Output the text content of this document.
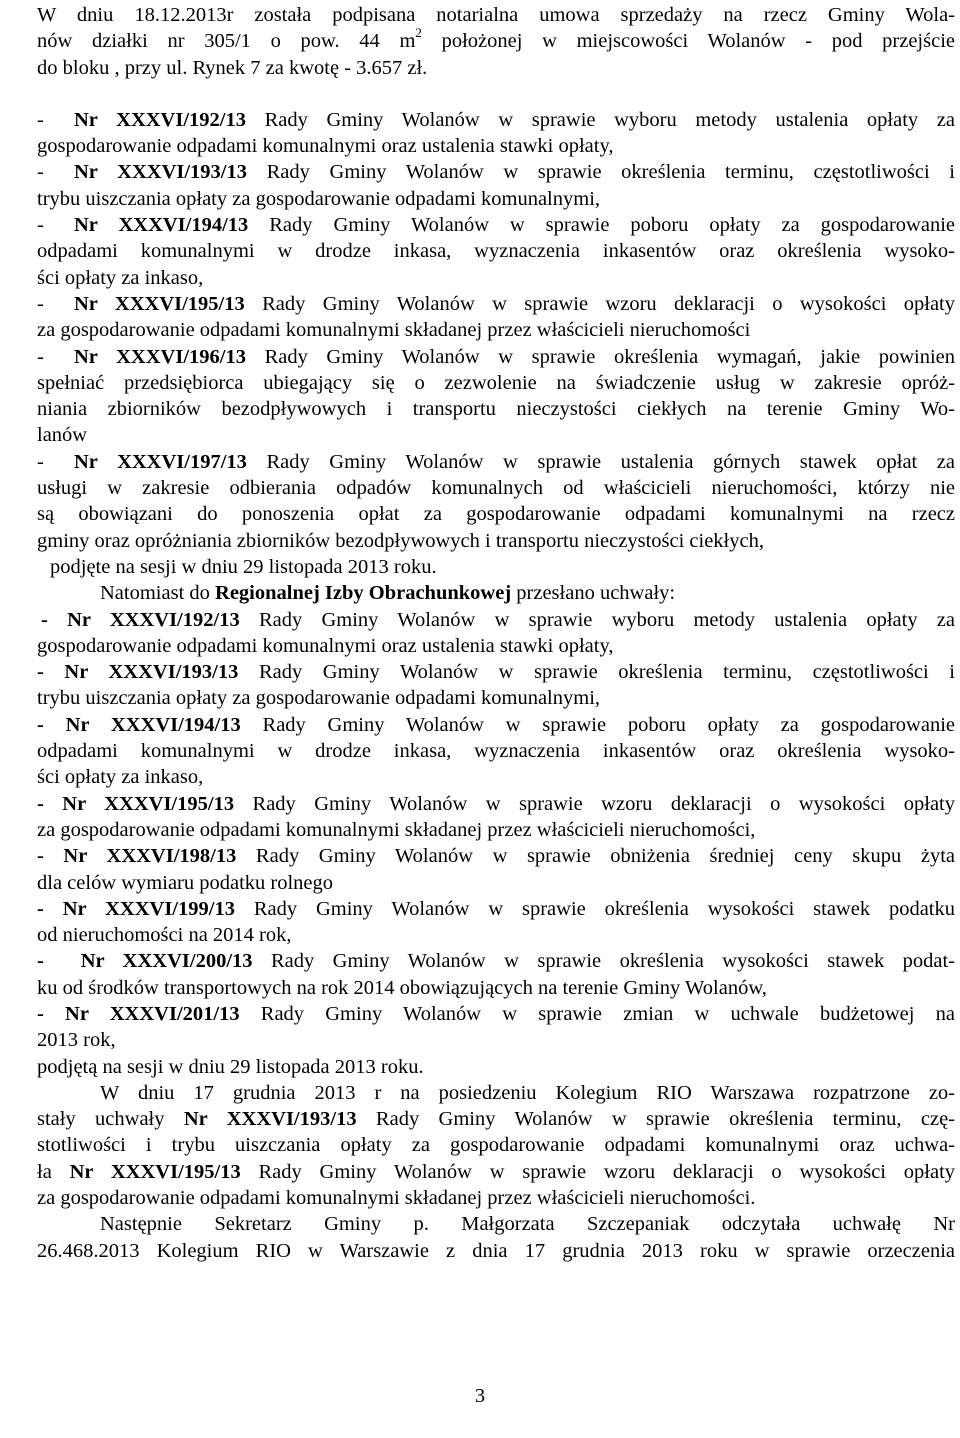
W dniu 18.12.2013r została podpisana notarialna umowa sprzedaży na rzecz Gminy Wola-
nów działki nr 305/1 o pow. 44 $m^2$ położonej w miejscowości Wolanów - pod przejście
do bloku , przy ul. Rynek 7 za kwotę - 3.657 zł.
-	Nr XXXVI/192/13 Rady Gminy Wolanów w sprawie wyboru metody ustalenia opłaty za
gospodarowanie odpadami komunalnymi oraz ustalenia stawki opłaty,
-	Nr XXXVI/193/13 Rady Gminy Wolanów w sprawie określenia terminu, częstotliwości i
trybu uiszczania opłaty za gospodarowanie odpadami komunalnymi,
-	Nr XXXVI/194/13 Rady Gminy Wolanów w sprawie poboru opłaty za gospodarowanie
odpadami komunalnymi w drodze inkasa, wyznaczenia inkasentów oraz określenia wysoko-
ści opłaty za inkaso,
-	Nr XXXVI/195/13 Rady Gminy Wolanów w sprawie wzoru deklaracji o wysokości opłaty
za gospodarowanie odpadami komunalnymi składanej przez właścicieli nieruchomości
-	Nr XXXVI/196/13 Rady Gminy Wolanów w sprawie określenia wymagań, jakie powinien
spełniać przedsiębiorca ubiegający się o zezwolenie na świadczenie usług w zakresie opróż-
niania zbiorników bezodpływowych i transportu nieczystości ciekłych na terenie Gminy Wo-
lanów
-	Nr XXXVI/197/13 Rady Gminy Wolanów w sprawie ustalenia górnych stawek opłat za
usługi w zakresie odbierania odpadów komunalnych od właścicieli nieruchomości, którzy nie
są obowiązani do ponoszenia opłat za gospodarowanie odpadami komunalnymi na rzecz
gminy oraz opróżniania zbiorników bezodpływowych i transportu nieczystości ciekłych,
podjęte na sesji w dniu 29 listopada 2013 roku.
Natomiast do Regionalnej Izby Obrachunkowej przesłano uchwały:
- Nr XXXVI/192/13 Rady Gminy Wolanów w sprawie wyboru metody ustalenia opłaty za
gospodarowanie odpadami komunalnymi oraz ustalenia stawki opłaty,
- Nr XXXVI/193/13 Rady Gminy Wolanów w sprawie określenia terminu, częstotliwości i
trybu uiszczania opłaty za gospodarowanie odpadami komunalnymi,
- Nr XXXVI/194/13 Rady Gminy Wolanów w sprawie poboru opłaty za gospodarowanie
odpadami komunalnymi w drodze inkasa, wyznaczenia inkasentów oraz określenia wysoko-
ści opłaty za inkaso,
- Nr XXXVI/195/13 Rady Gminy Wolanów w sprawie wzoru deklaracji o wysokości opłaty
za gospodarowanie odpadami komunalnymi składanej przez właścicieli nieruchomości,
- Nr XXXVI/198/13 Rady Gminy Wolanów w sprawie obniżenia średniej ceny skupu żyta
dla celów wymiaru podatku rolnego
- Nr XXXVI/199/13 Rady Gminy Wolanów w sprawie określenia wysokości stawek podatku
od nieruchomości na 2014 rok,
-  Nr XXXVI/200/13 Rady Gminy Wolanów w sprawie określenia wysokości stawek podat-
ku od środków transportowych na rok 2014 obowiązujących na terenie Gminy Wolanów,
- Nr XXXVI/201/13 Rady Gminy Wolanów w sprawie zmian w uchwale budżetowej na
2013 rok,
podjętą na sesji w dniu 29 listopada 2013 roku.
W dniu 17 grudnia 2013 r na posiedzeniu Kolegium RIO Warszawa rozpatrzone zo-
stały uchwały Nr XXXVI/193/13 Rady Gminy Wolanów w sprawie określenia terminu, czę-
stotliwości i trybu uiszczania opłaty za gospodarowanie odpadami komunalnymi oraz uchwa-
ła Nr XXXVI/195/13 Rady Gminy Wolanów w sprawie wzoru deklaracji o wysokości opłaty
za gospodarowanie odpadami komunalnymi składanej przez właścicieli nieruchomości.
Następnie Sekretarz Gminy p. Małgorzata Szczepaniak odczytała uchwałę Nr
26.468.2013 Kolegium RIO w Warszawie z dnia 17 grudnia 2013 roku w sprawie orzeczenia
3
